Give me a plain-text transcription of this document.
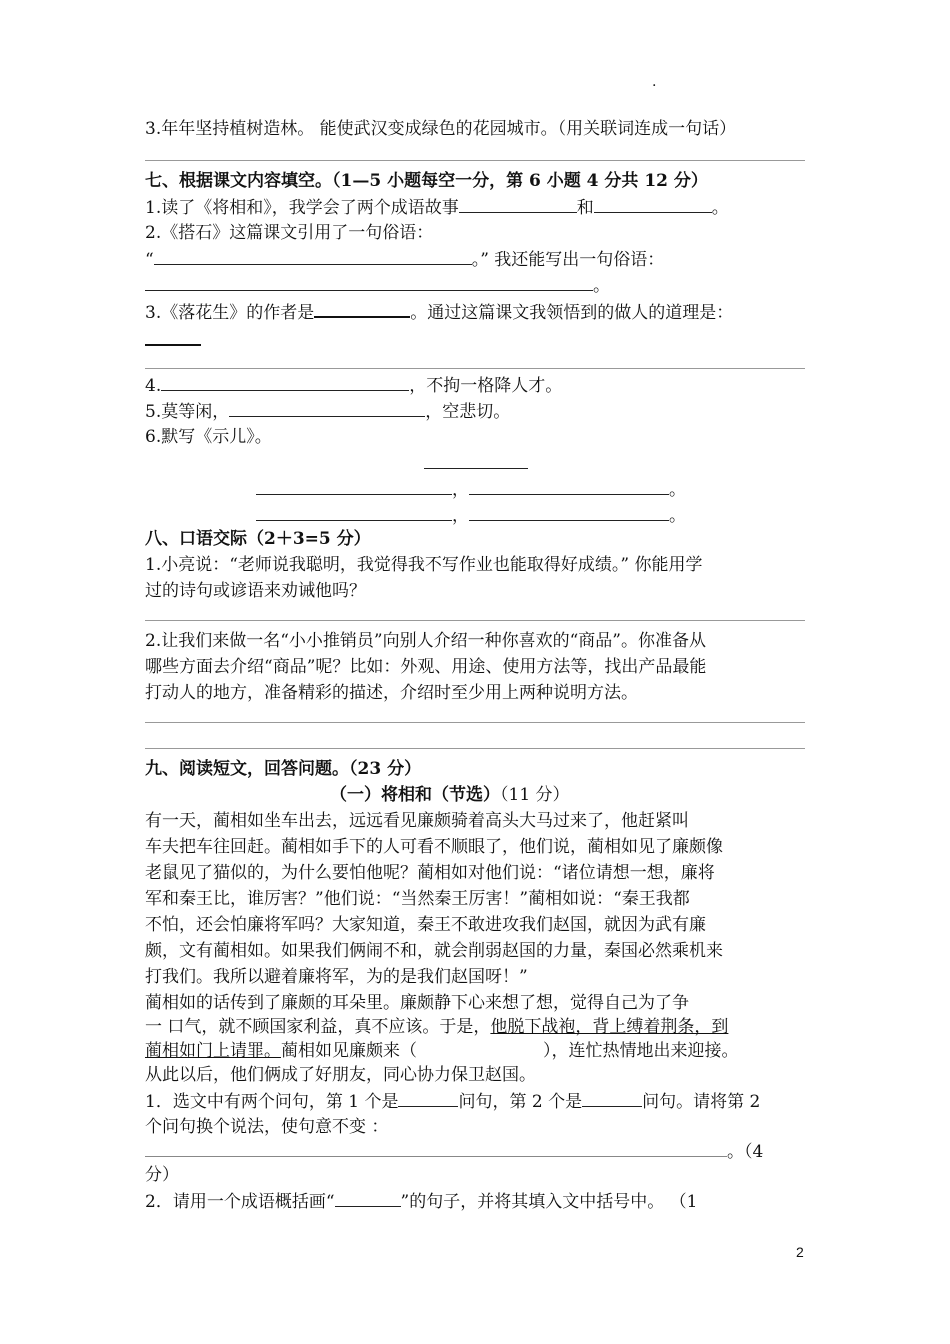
.
3.年年坚持植树造林。 能使武汉变成绿色的花园城市。（用关联词连成一句话）
七、根据课文内容填空。（1—5 小题每空一分，第 6 小题 4 分共 12 分）
1.读了《将相和》，我学会了两个成语故事	和	。
2.《搭石》这篇课文引用了一句俗语：
“	。” 我还能写出一句俗语：
。
3.《落花生》的作者是	。通过这篇课文我领悟到的做人的道理是：
4.	，不拘一格降人才。
5.莫等闲，	，空悲切。
6.默写《示儿》。
，	。
，	。
八、口语交际（2＋3=5 分）
1.小亮说：“老师说我聪明，我觉得我不写作业也能取得好成绩。” 你能用学
过的诗句或谚语来劝诫他吗？
2.让我们来做一名“小小推销员”向别人介绍一种你喜欢的“商品”。你准备从
哪些方面去介绍“商品”呢？比如：外观、用途、使用方法等，找出产品最能
打动人的地方，准备精彩的描述，介绍时至少用上两种说明方法。
九、阅读短文，回答问题。（23 分）
（一）将相和（节选）（11 分）
有一天，蔺相如坐车出去，远远看见廉颇骑着高头大马过来了，他赶紧叫
车夫把车往回赶。蔺相如手下的人可看不顺眼了，他们说，蔺相如见了廉颇像
老鼠见了猫似的，为什么要怕他呢？蔺相如对他们说：“诸位请想一想，廉将
军和秦王比，谁厉害？”他们说：“当然秦王厉害！”蔺相如说：“秦王我都
不怕，还会怕廉将军吗？大家知道，秦王不敢进攻我们赵国，就因为武有廉
颇，文有蔺相如。如果我们俩闹不和，就会削弱赵国的力量，秦国必然乘机来
打我们。我所以避着廉将军，为的是我们赵国呀！”
蔺相如的话传到了廉颇的耳朵里。廉颇静下心来想了想，觉得自己为了争
一 口气，就不顾国家利益，真不应该。于是，他脱下战袍，背上缚着荆条，到
蔺相如门上请罪。蔺相如见廉颇来（	），连忙热情地出来迎接。
从此以后，他们俩成了好朋友，同心协力保卫赵国。
1．选文中有两个问句，第 1 个是	问句，第 2 个是	问句。请将第 2
个问句换个说法，使句意不变 ：
。（4
分）
2．请用一个成语概括画“	”的句子，并将其填入文中括号中。 （1
2
